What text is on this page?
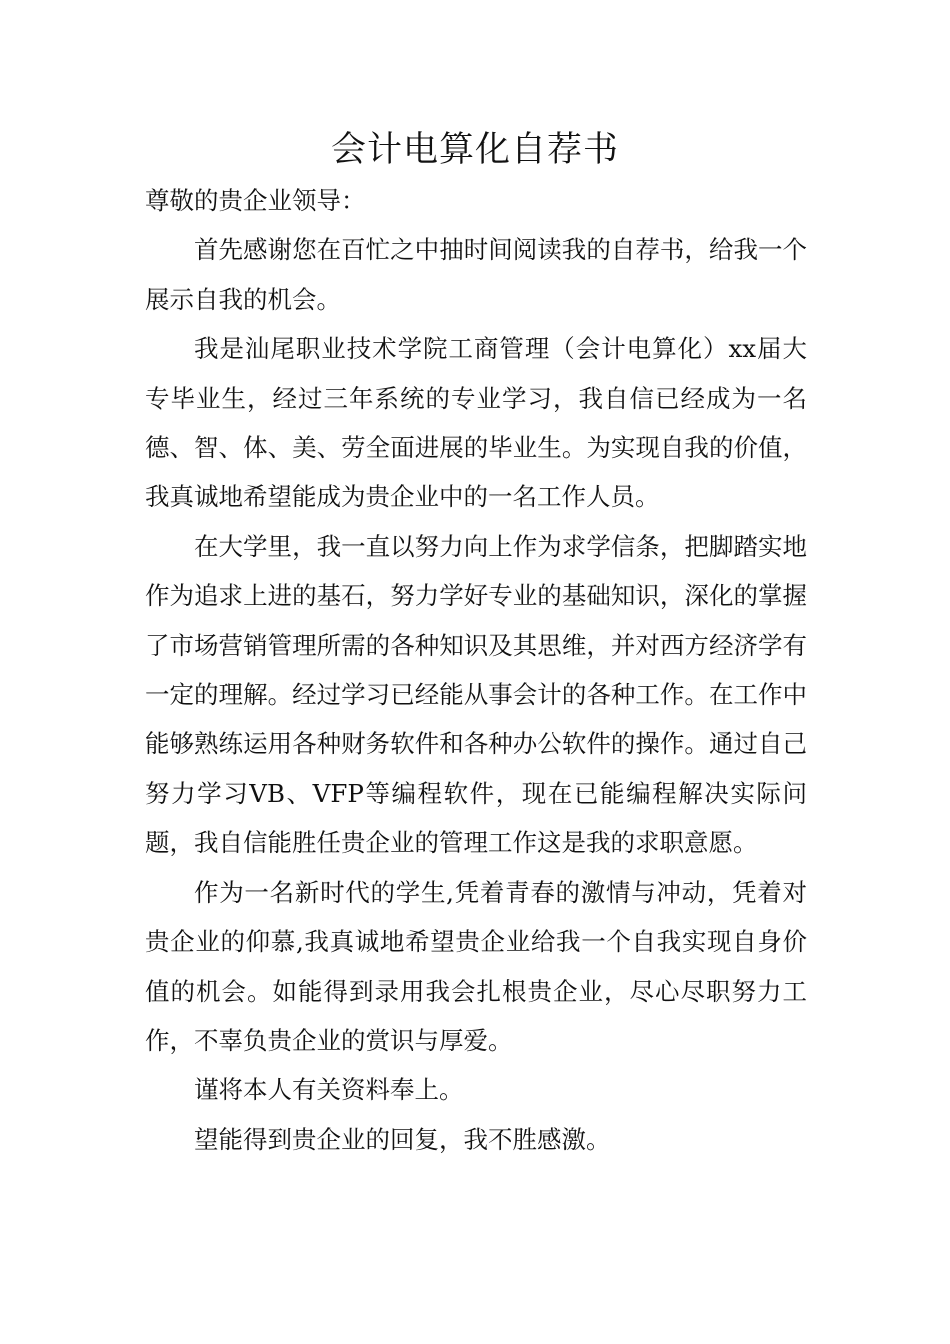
会计电算化自荐书

尊敬的贵企业领导：

首先感谢您在百忙之中抽时间阅读我的自荐书，给我一个展示自我的机会。

我是汕尾职业技术学院工商管理（会计电算化）xx届大专毕业生，经过三年系统的专业学习，我自信已经成为一名德、智、体、美、劳全面进展的毕业生。为实现自我的价值，我真诚地希望能成为贵企业中的一名工作人员。

在大学里，我一直以努力向上作为求学信条，把脚踏实地作为追求上进的基石，努力学好专业的基础知识，深化的掌握了市场营销管理所需的各种知识及其思维，并对西方经济学有一定的理解。经过学习已经能从事会计的各种工作。在工作中能够熟练运用各种财务软件和各种办公软件的操作。通过自己努力学习VB、VFP等编程软件，现在已能编程解决实际问题，我自信能胜任贵企业的管理工作这是我的求职意愿。

作为一名新时代的学生,凭着青春的激情与冲动，凭着对贵企业的仰慕,我真诚地希望贵企业给我一个自我实现自身价值的机会。如能得到录用我会扎根贵企业，尽心尽职努力工作，不辜负贵企业的赏识与厚爱。

谨将本人有关资料奉上。

望能得到贵企业的回复，我不胜感激。
